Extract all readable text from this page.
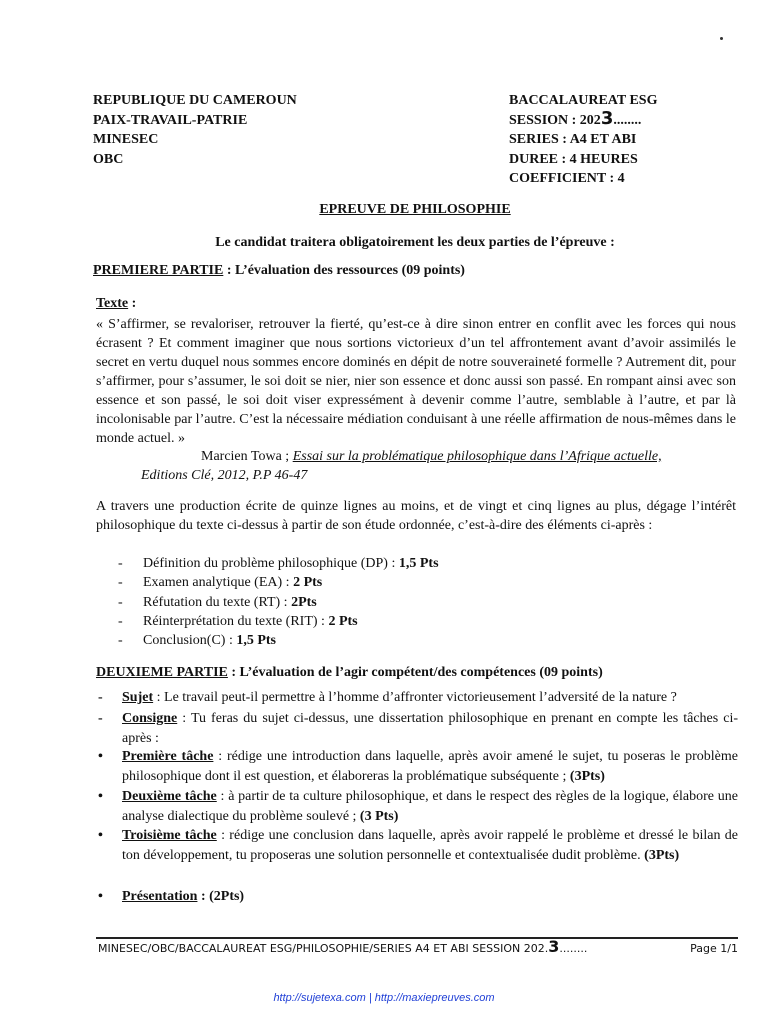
REPUBLIQUE DU CAMEROUN
PAIX-TRAVAIL-PATRIE
MINESEC
OBC
BACCALAUREAT ESG
SESSION : 2023........
SERIES : A4 ET ABI
DUREE : 4 HEURES
COEFFICIENT : 4
EPREUVE DE PHILOSOPHIE
Le candidat traitera obligatoirement les deux parties de l’épreuve :
PREMIERE PARTIE : L’évaluation des ressources (09 points)
Texte :
« S’affirmer, se revaloriser, retrouver la fierté, qu’est-ce à dire sinon entrer en conflit avec les forces qui nous écrasent ? Et comment imaginer que nous sortions victorieux d’un tel affrontement avant d’avoir assimilés le secret en vertu duquel nous sommes encore dominés en dépit de notre souveraineté formelle ? Autrement dit, pour s’affirmer, pour s’assumer, le soi doit se nier, nier son essence et donc aussi son passé. En rompant ainsi avec son essence et son passé, le soi doit viser expressément à devenir comme l’autre, semblable à l’autre, et par là incolonisable par l’autre. C’est la nécessaire médiation conduisant à une réelle affirmation de nous-mêmes dans le monde actuel. »
Marcien Towa ; Essai sur la problématique philosophique dans l’Afrique actuelle,
Editions Clé, 2012, P.P 46-47
A travers une production écrite de quinze lignes au moins, et de vingt et cinq lignes au plus, dégage l’intérêt philosophique du texte ci-dessus à partir de son étude ordonnée, c’est-à-dire des éléments ci-après :
- Définition du problème philosophique (DP) : 1,5 Pts
- Examen analytique (EA) : 2 Pts
- Réfutation du texte (RT) : 2Pts
- Réinterprétation du texte (RIT) : 2 Pts
- Conclusion(C) : 1,5 Pts
DEUXIEME PARTIE : L’évaluation de l’agir compétent/des compétences (09 points)
- Sujet : Le travail peut-il permettre à l’homme d’affronter victorieusement l’adversité de la nature ?
- Consigne : Tu feras du sujet ci-dessus, une dissertation philosophique en prenant en compte les tâches ci-après :
• Première tâche : rédige une introduction dans laquelle, après avoir amené le sujet, tu poseras le problème philosophique dont il est question, et élaboreras la problématique subséquente ; (3Pts)
• Deuxième tâche : à partir de ta culture philosophique, et dans le respect des règles de la logique, élabore une analyse dialectique du problème soulevé ; (3 Pts)
• Troisième tâche : rédige une conclusion dans laquelle, après avoir rappelé le problème et dressé le bilan de ton développement, tu proposeras une solution personnelle et contextualisée dudit problème. (3Pts)
• Présentation : (2Pts)
MINESEC/OBC/BACCALAUREAT ESG/PHILOSOPHIE/SERIES A4 ET ABI SESSION 202.3........	Page 1/1
http://sujetexa.com | http://maxiepreuves.com
